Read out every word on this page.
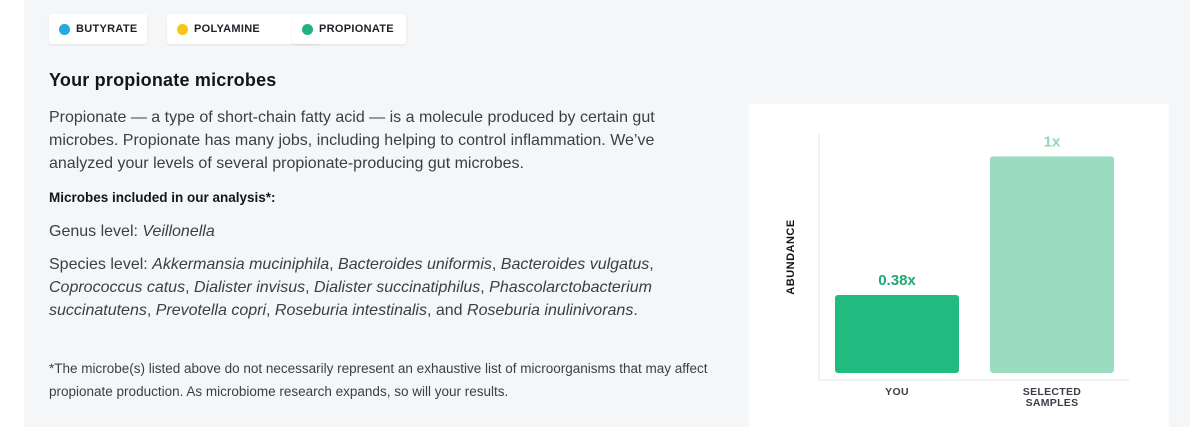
BUTYRATE	POLYAMINE	PROPIONATE
Your propionate microbes

Propionate — a type of short-chain fatty acid — is a molecule produced by certain gut microbes. Propionate has many jobs, including helping to control inflammation. We’ve analyzed your levels of several propionate-producing gut microbes.

Microbes included in our analysis*:

Genus level: Veillonella

Species level: Akkermansia muciniphila, Bacteroides uniformis, Bacteroides vulgatus, Coprococcus catus, Dialister invisus, Dialister succinatiphilus, Phascolarctobacterium succinatutens, Prevotella copri, Roseburia intestinalis, and Roseburia inulinivorans.

*The microbe(s) listed above do not necessarily represent an exhaustive list of microorganisms that may affect propionate production. As microbiome research expands, so will your results.

ABUNDANCE	0.38x
YOU
1x
SELECTED
SAMPLES
